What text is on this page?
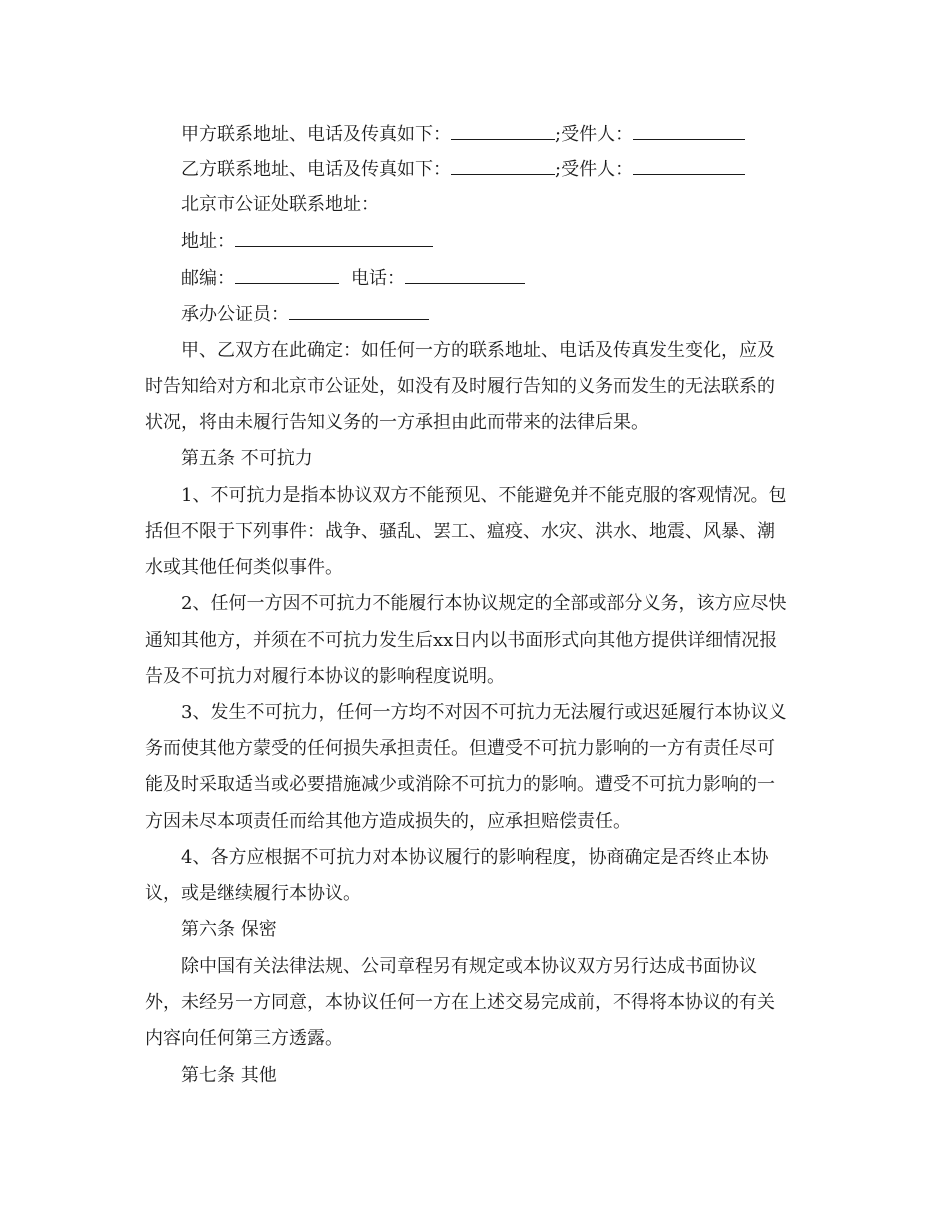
甲方联系地址、电话及传真如下：	;受件人：
乙方联系地址、电话及传真如下：	;受件人：
北京市公证处联系地址：
地址：
邮编：	电话：
承办公证员：
甲、乙双方在此确定：如任何一方的联系地址、电话及传真发生变化，应及
时告知给对方和北京市公证处，如没有及时履行告知的义务而发生的无法联系的
状况，将由未履行告知义务的一方承担由此而带来的法律后果。
第五条 不可抗力
1、不可抗力是指本协议双方不能预见、不能避免并不能克服的客观情况。包
括但不限于下列事件：战争、骚乱、罢工、瘟疫、水灾、洪水、地震、风暴、潮
水或其他任何类似事件。
2、任何一方因不可抗力不能履行本协议规定的全部或部分义务，该方应尽快
通知其他方，并须在不可抗力发生后xx日内以书面形式向其他方提供详细情况报
告及不可抗力对履行本协议的影响程度说明。
3、发生不可抗力，任何一方均不对因不可抗力无法履行或迟延履行本协议义
务而使其他方蒙受的任何损失承担责任。但遭受不可抗力影响的一方有责任尽可
能及时采取适当或必要措施减少或消除不可抗力的影响。遭受不可抗力影响的一
方因未尽本项责任而给其他方造成损失的，应承担赔偿责任。
4、各方应根据不可抗力对本协议履行的影响程度，协商确定是否终止本协
议，或是继续履行本协议。
第六条 保密
除中国有关法律法规、公司章程另有规定或本协议双方另行达成书面协议
外，未经另一方同意，本协议任何一方在上述交易完成前，不得将本协议的有关
内容向任何第三方透露。
第七条 其他
